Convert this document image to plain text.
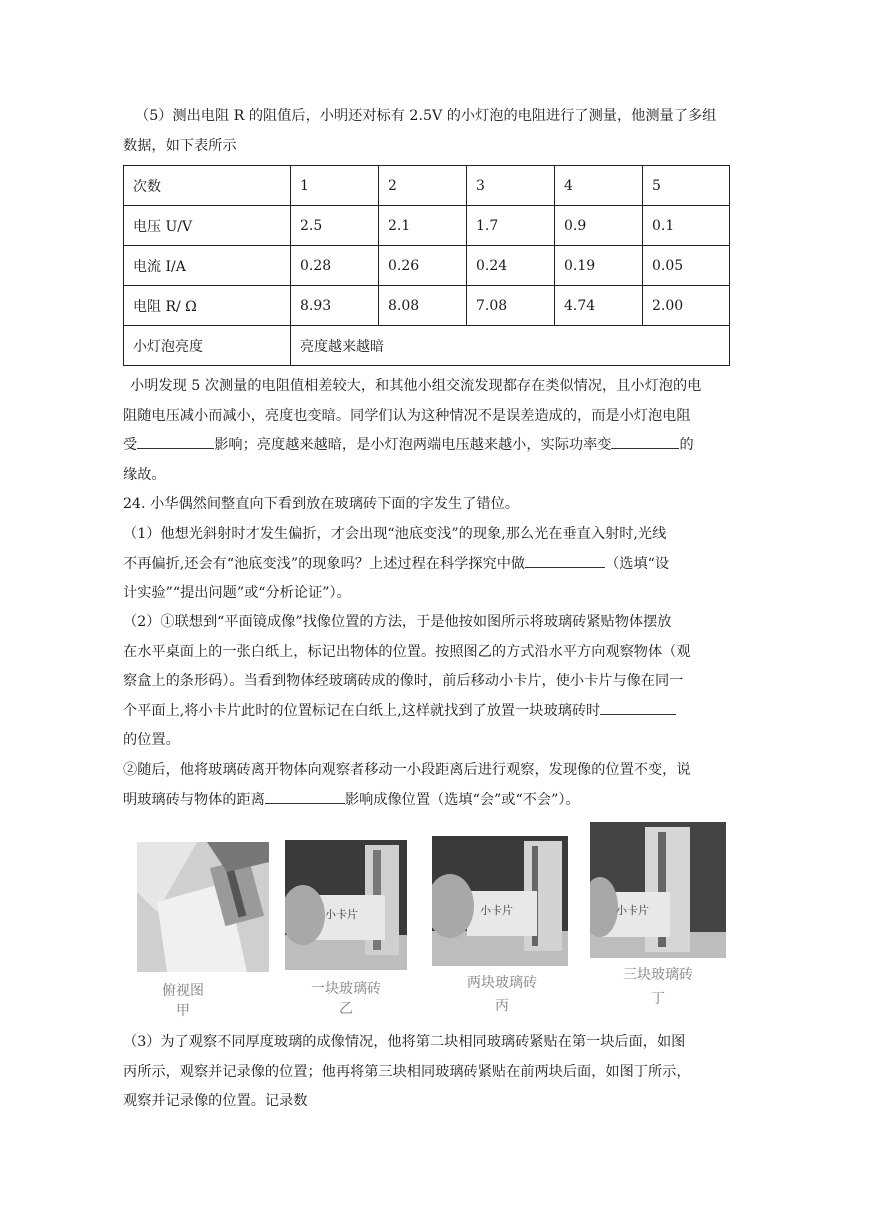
（5）测出电阻 R 的阻值后，小明还对标有 2.5V 的小灯泡的电阻进行了测量，他测量了多组
数据，如下表所示
次数	1	2	3	4	5
电压 U/V	2.5	2.1	1.7	0.9	0.1
电流 I/A	0.28	0.26	0.24	0.19	0.05
电阻 R/ Ω	8.93	8.08	7.08	4.74	2.00
小灯泡亮度	亮度越来越暗				
小明发现 5 次测量的电阻值相差较大，和其他小组交流发现都存在类似情况，且小灯泡的电
阻随电压减小而减小，亮度也变暗。同学们认为这种情况不是误差造成的，而是小灯泡电阻
受	影响；亮度越来越暗，是小灯泡两端电压越来越小，实际功率变	的
缘故。
24. 小华偶然间整直向下看到放在玻璃砖下面的字发生了错位。
（1）他想光斜射时才发生偏折，才会出现“池底变浅”的现象,那么光在垂直入射时,光线
不再偏折,还会有“池底变浅”的现象吗？上述过程在科学探究中做	（选填“设
计实验”“提出问题”或“分析论证”）。
（2）①联想到“平面镜成像”找像位置的方法，于是他按如图所示将玻璃砖紧贴物体摆放
在水平桌面上的一张白纸上，标记出物体的位置。按照图乙的方式沿水平方向观察物体（观
察盒上的条形码）。当看到物体经玻璃砖成的像时，前后移动小卡片，使小卡片与像在同一
个平面上,将小卡片此时的位置标记在白纸上,这样就找到了放置一块玻璃砖时
的位置。
②随后，他将玻璃砖离开物体向观察者移动一小段距离后进行观察，发现像的位置不变，说
明玻璃砖与物体的距离	影响成像位置（选填“会”或“不会”）。
俯视图
甲
小卡片
一块玻璃砖
乙
小卡片
两块玻璃砖
丙
小卡片
三块玻璃砖
丁
（3）为了观察不同厚度玻璃的成像情况，他将第二块相同玻璃砖紧贴在第一块后面，如图
丙所示，观察并记录像的位置；他再将第三块相同玻璃砖紧贴在前两块后面，如图丁所示，
观察并记录像的位置。记录数
